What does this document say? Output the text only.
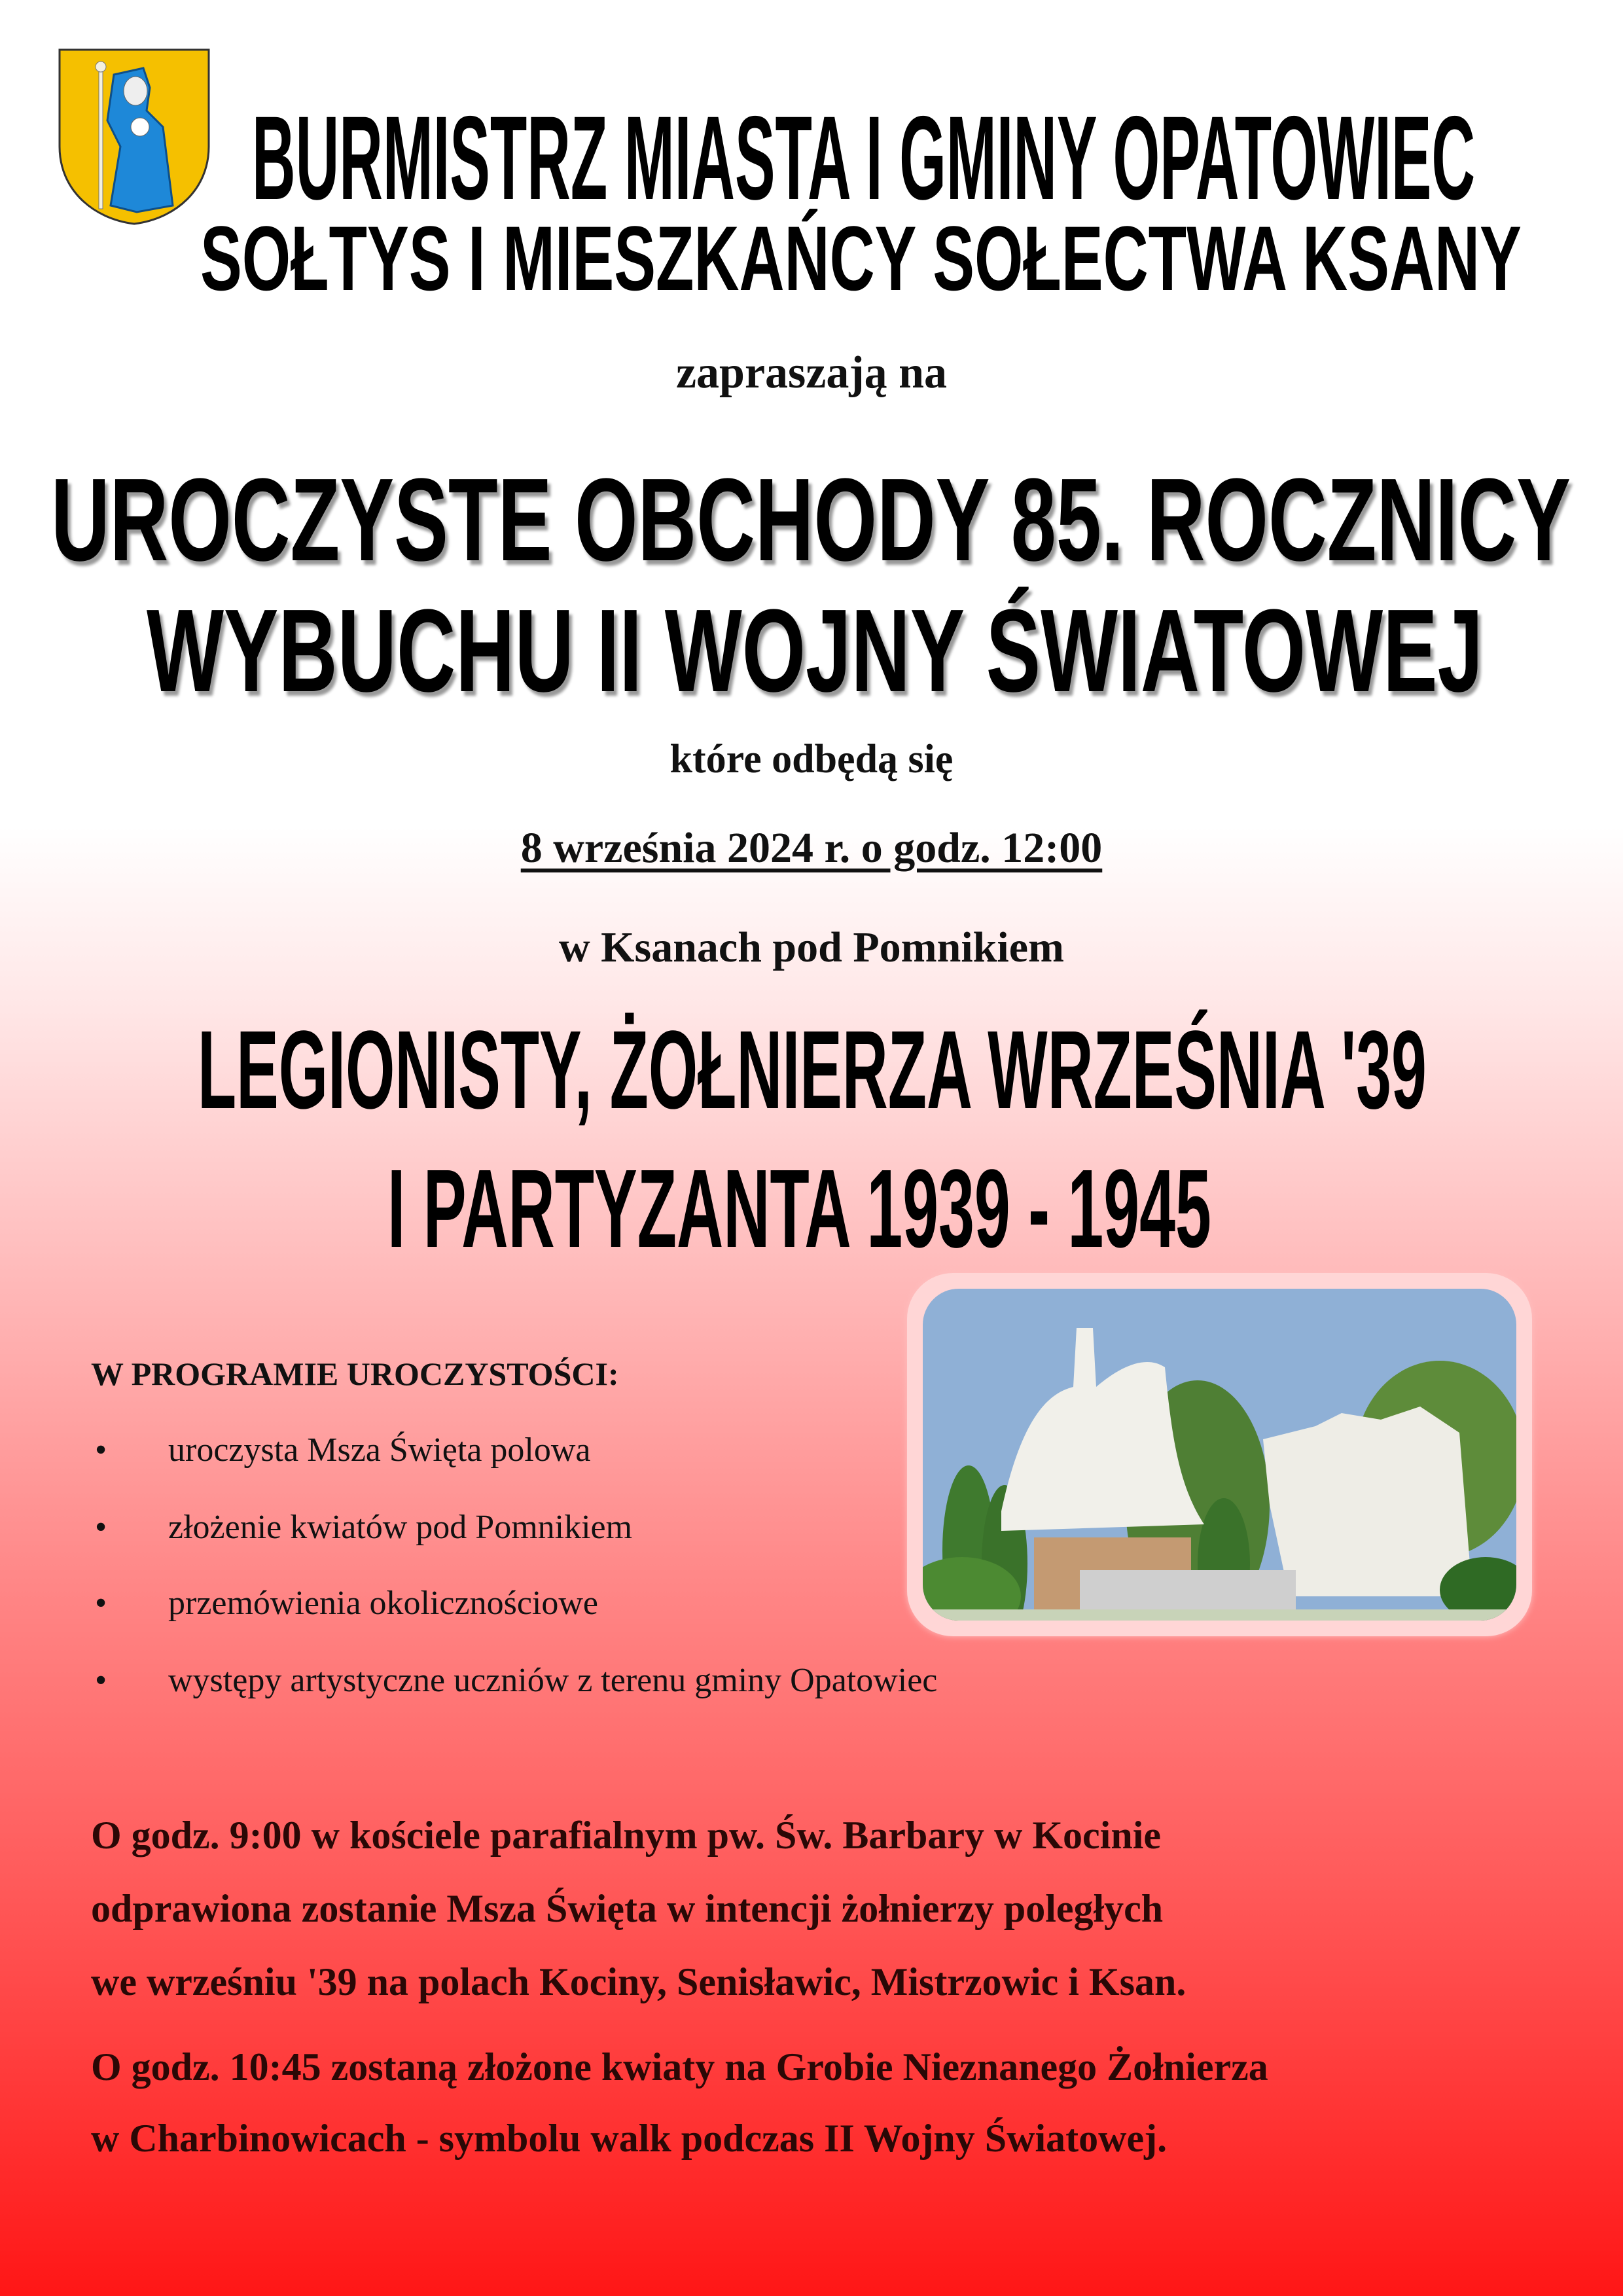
BURMISTRZ MIASTA I GMINY OPATOWIEC
SOŁTYS I MIESZKAŃCY SOŁECTWA KSANY
zapraszają na
UROCZYSTE OBCHODY 85. ROCZNICY
WYBUCHU II WOJNY ŚWIATOWEJ
które odbędą się
8 września 2024 r. o godz. 12:00
w Ksanach pod Pomnikiem
LEGIONISTY, ŻOŁNIERZA WRZEŚNIA '39
I PARTYZANTA 1939 - 1945
W PROGRAMIE UROCZYSTOŚCI:
• uroczysta Msza Święta polowa
• złożenie kwiatów pod Pomnikiem
• przemówienia okolicznościowe
• występy artystyczne uczniów z terenu gminy Opatowiec
O godz. 9:00 w kościele parafialnym pw. Św. Barbary w Kocinie
odprawiona zostanie Msza Święta w intencji żołnierzy poległych
we wrześniu '39 na polach Kociny, Senisławic, Mistrzowic i Ksan.
O godz. 10:45 zostaną złożone kwiaty na Grobie Nieznanego Żołnierza
w Charbinowicach - symbolu walk podczas II Wojny Światowej.
